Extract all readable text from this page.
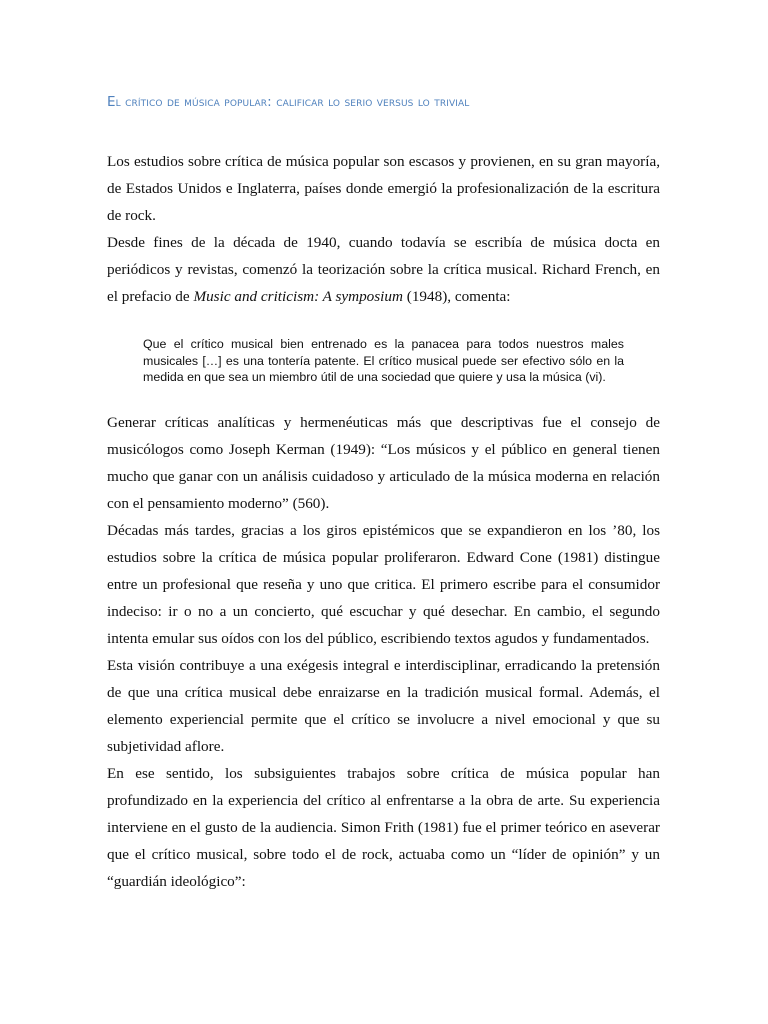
El crítico de música popular: calificar lo serio versus lo trivial

Los estudios sobre crítica de música popular son escasos y provienen, en su gran mayoría, de Estados Unidos e Inglaterra, países donde emergió la profesionalización de la escritura de rock.

Desde fines de la década de 1940, cuando todavía se escribía de música docta en periódicos y revistas, comenzó la teorización sobre la crítica musical. Richard French, en el prefacio de Music and criticism: A symposium (1948), comenta:

Que el crítico musical bien entrenado es la panacea para todos nuestros males musicales […] es una tontería patente. El crítico musical puede ser efectivo sólo en la medida en que sea un miembro útil de una sociedad que quiere y usa la música (vi).

Generar críticas analíticas y hermenéuticas más que descriptivas fue el consejo de musicólogos como Joseph Kerman (1949): “Los músicos y el público en general tienen mucho que ganar con un análisis cuidadoso y articulado de la música moderna en relación con el pensamiento moderno” (560).

Décadas más tardes, gracias a los giros epistémicos que se expandieron en los ’80, los estudios sobre la crítica de música popular proliferaron. Edward Cone (1981) distingue entre un profesional que reseña y uno que critica. El primero escribe para el consumidor indeciso: ir o no a un concierto, qué escuchar y qué desechar. En cambio, el segundo intenta emular sus oídos con los del público, escribiendo textos agudos y fundamentados.

Esta visión contribuye a una exégesis integral e interdisciplinar, erradicando la pretensión de que una crítica musical debe enraizarse en la tradición musical formal. Además, el elemento experiencial permite que el crítico se involucre a nivel emocional y que su subjetividad aflore.

En ese sentido, los subsiguientes trabajos sobre crítica de música popular han profundizado en la experiencia del crítico al enfrentarse a la obra de arte. Su experiencia interviene en el gusto de la audiencia. Simon Frith (1981) fue el primer teórico en aseverar que el crítico musical, sobre todo el de rock, actuaba como un “líder de opinión” y un “guardián ideológico”:
